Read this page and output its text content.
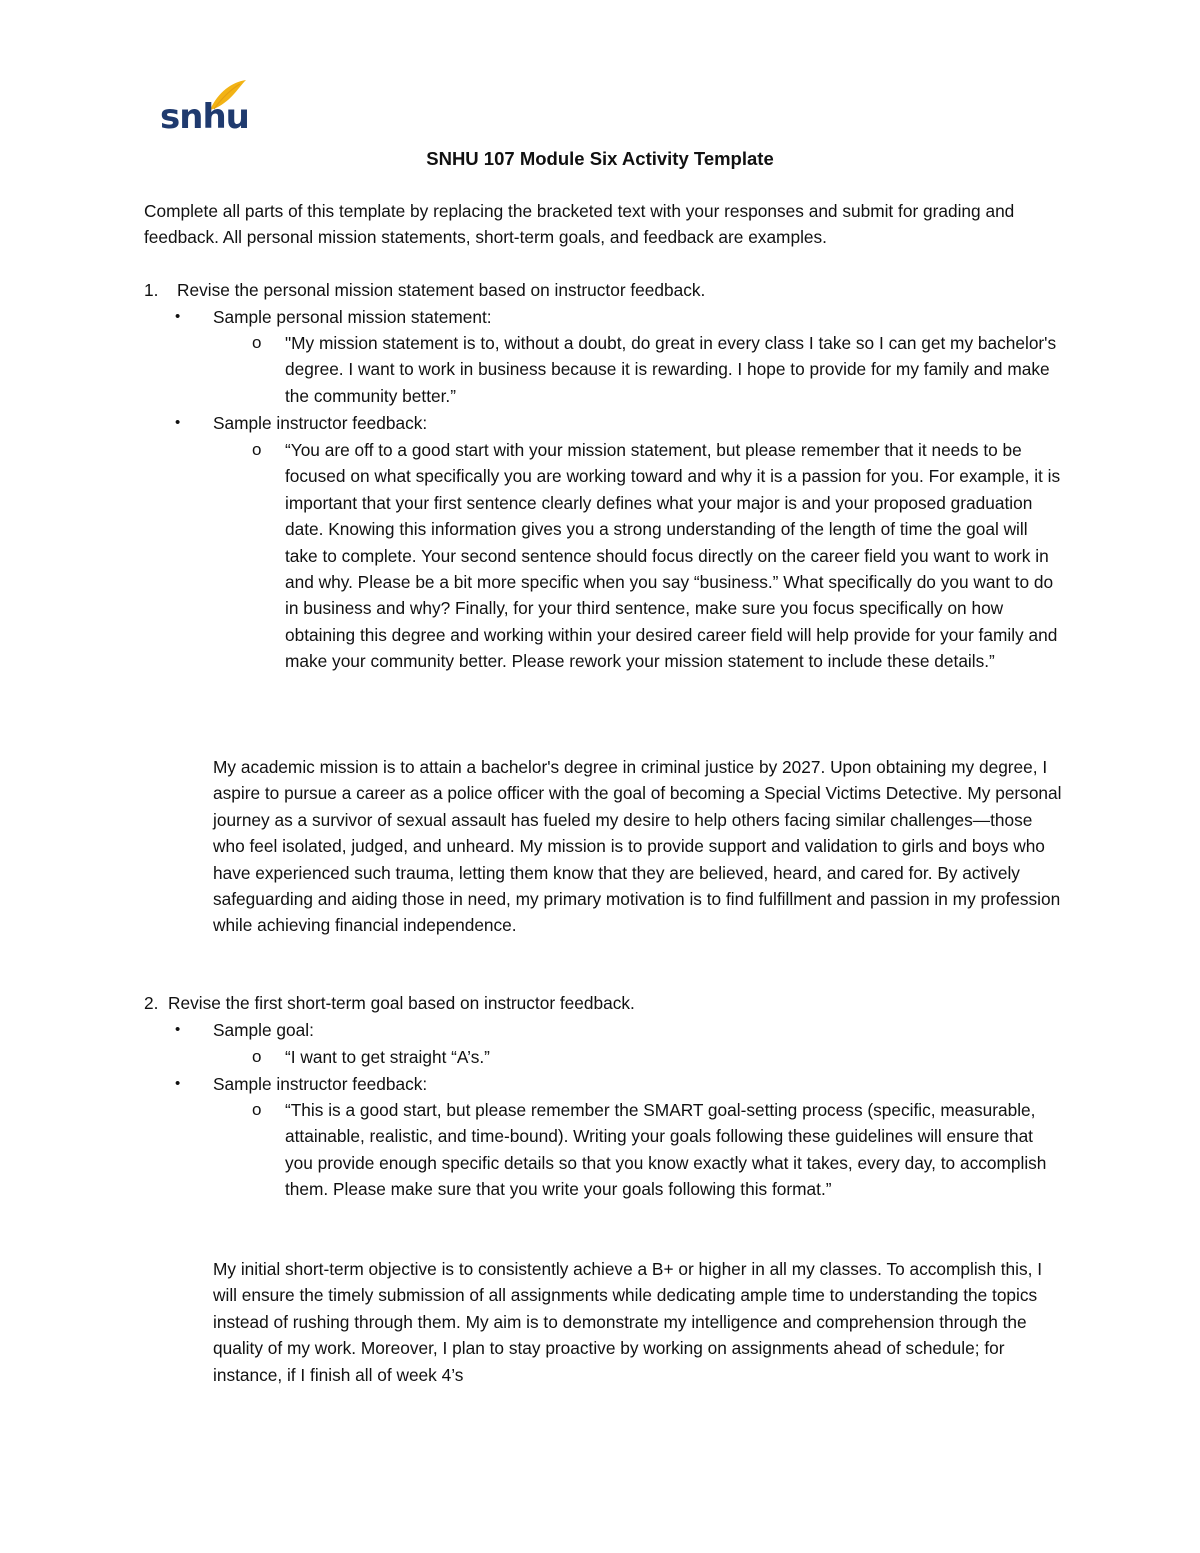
snhu
SNHU 107 Module Six Activity Template

Complete all parts of this template by replacing the bracketed text with your responses and submit for grading and feedback. All personal mission statements, short-term goals, and feedback are examples.

1. Revise the personal mission statement based on instructor feedback.

• Sample personal mission statement:

o "My mission statement is to, without a doubt, do great in every class I take so I can get my bachelor's degree. I want to work in business because it is rewarding. I hope to provide for my family and make the community better.”

• Sample instructor feedback:

o “You are off to a good start with your mission statement, but please remember that it needs to be focused on what specifically you are working toward and why it is a passion for you. For example, it is important that your first sentence clearly defines what your major is and your proposed graduation date. Knowing this information gives you a strong understanding of the length of time the goal will take to complete. Your second sentence should focus directly on the career field you want to work in and why. Please be a bit more specific when you say “business.” What specifically do you want to do in business and why? Finally, for your third sentence, make sure you focus specifically on how obtaining this degree and working within your desired career field will help provide for your family and make your community better. Please rework your mission statement to include these details.”

My academic mission is to attain a bachelor's degree in criminal justice by 2027. Upon obtaining my degree, I aspire to pursue a career as a police officer with the goal of becoming a Special Victims Detective. My personal journey as a survivor of sexual assault has fueled my desire to help others facing similar challenges—those who feel isolated, judged, and unheard. My mission is to provide support and validation to girls and boys who have experienced such trauma, letting them know that they are believed, heard, and cared for. By actively safeguarding and aiding those in need, my primary motivation is to find fulfillment and passion in my profession while achieving financial independence.

2. Revise the first short-term goal based on instructor feedback.

• Sample goal:

o “I want to get straight “A’s.”

• Sample instructor feedback:

o “This is a good start, but please remember the SMART goal-setting process (specific, measurable, attainable, realistic, and time-bound). Writing your goals following these guidelines will ensure that you provide enough specific details so that you know exactly what it takes, every day, to accomplish them. Please make sure that you write your goals following this format.”

My initial short-term objective is to consistently achieve a B+ or higher in all my classes. To accomplish this, I will ensure the timely submission of all assignments while dedicating ample time to understanding the topics instead of rushing through them. My aim is to demonstrate my intelligence and comprehension through the quality of my work. Moreover, I plan to stay proactive by working on assignments ahead of schedule; for instance, if I finish all of week 4’s
